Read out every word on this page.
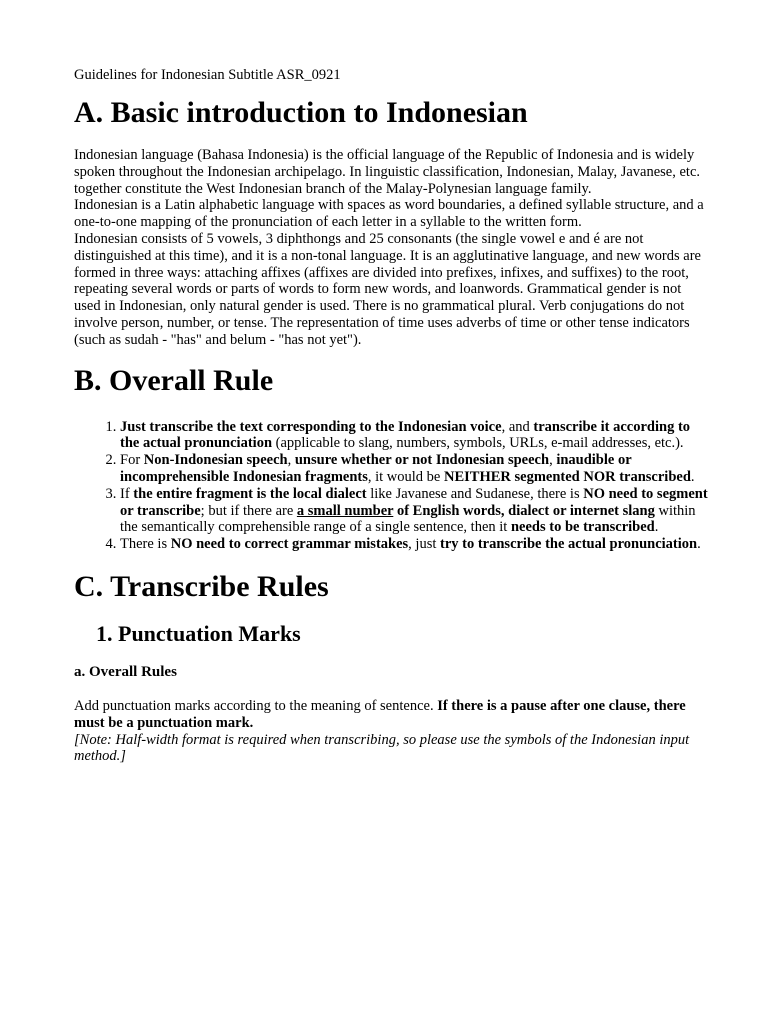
Guidelines for Indonesian Subtitle ASR_0921
A. Basic introduction to Indonesian

Indonesian language (Bahasa Indonesia) is the official language of the Republic of Indonesia and is widely spoken throughout the Indonesian archipelago. In linguistic classification, Indonesian, Malay, Javanese, etc. together constitute the West Indonesian branch of the Malay-Polynesian language family.

Indonesian is a Latin alphabetic language with spaces as word boundaries, a defined syllable structure, and a one-to-one mapping of the pronunciation of each letter in a syllable to the written form.

Indonesian consists of 5 vowels, 3 diphthongs and 25 consonants (the single vowel e and é are not distinguished at this time), and it is a non-tonal language. It is an agglutinative language, and new words are formed in three ways: attaching affixes (affixes are divided into prefixes, infixes, and suffixes) to the root, repeating several words or parts of words to form new words, and loanwords. Grammatical gender is not used in Indonesian, only natural gender is used. There is no grammatical plural. Verb conjugations do not involve person, number, or tense. The representation of time uses adverbs of time or other tense indicators (such as sudah - "has" and belum - "has not yet").

B. Overall Rule
1. Just transcribe the text corresponding to the Indonesian voice, and transcribe it according to the actual pronunciation (applicable to slang, numbers, symbols, URLs, e-mail addresses, etc.).
2. For Non-Indonesian speech, unsure whether or not Indonesian speech, inaudible or incomprehensible Indonesian fragments, it would be NEITHER segmented NOR transcribed.
3. If the entire fragment is the local dialect like Javanese and Sudanese, there is NO need to segment or transcribe; but if there are a small number of English words, dialect or internet slang within the semantically comprehensible range of a single sentence, then it needs to be transcribed.
4. There is NO need to correct grammar mistakes, just try to transcribe the actual pronunciation.
C. Transcribe Rules
1. Punctuation Marks
a. Overall Rules

Add punctuation marks according to the meaning of sentence. If there is a pause after one clause, there must be a punctuation mark.

[Note: Half-width format is required when transcribing, so please use the symbols of the Indonesian input method.]
